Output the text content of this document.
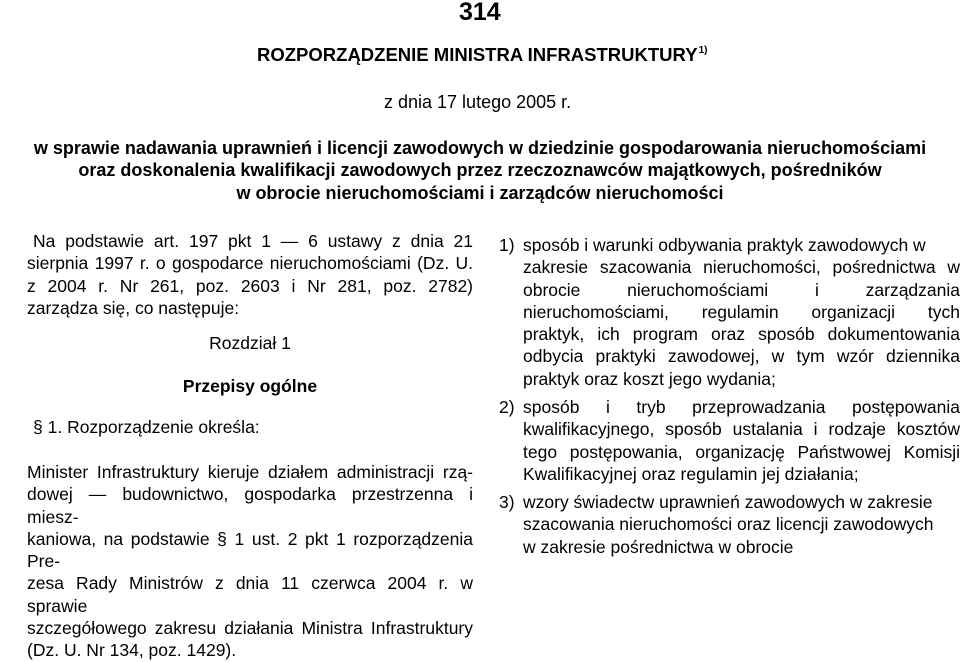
314
ROZPORZĄDZENIE MINISTRA INFRASTRUKTURY$^{1)}$
z dnia 17 lutego 2005 r.
w sprawie nadawania uprawnień i licencji zawodowych w dziedzinie gospodarowania nieruchomościami
oraz doskonalenia kwalifikacji zawodowych przez rzeczoznawców majątkowych, pośredników
w obrocie nieruchomościami i zarządców nieruchomości
Na podstawie art. 197 pkt 1 — 6 ustawy z dnia 21
sierpnia 1997 r. o gospodarce nieruchomościami (Dz. U.
z 2004 r. Nr 261, poz. 2603 i Nr 281, poz. 2782)
zarządza się, co następuje:
Rozdział 1
Przepisy ogólne
§ 1. Rozporządzenie określa:
Minister Infrastruktury kieruje działem administracji rzą-
dowej — budownictwo, gospodarka przestrzenna i miesz-
kaniowa, na podstawie § 1 ust. 2 pkt 1 rozporządzenia Pre-
zesa Rady Ministrów z dnia 11 czerwca 2004 r. w sprawie
szczegółowego zakresu działania Ministra Infrastruktury
(Dz. U. Nr 134, poz. 1429).
1) sposób i warunki odbywania praktyk zawodowych w
zakresie szacowania nieruchomości, pośrednictwa w
obrocie nieruchomościami i zarządzania
nieruchomościami, regulamin organizacji tych
praktyk, ich program oraz sposób dokumentowania
odbycia praktyki zawodowej, w tym wzór dziennika
praktyk oraz koszt jego wydania;
2) sposób i tryb przeprowadzania postępowania
kwalifikacyjnego, sposób ustalania i rodzaje kosztów
tego postępowania, organizację Państwowej Komisji
Kwalifikacyjnej oraz regulamin jej działania;
3) wzory świadectw uprawnień zawodowych w zakresie
szacowania nieruchomości oraz licencji zawodowych
w zakresie pośrednictwa w obrocie
